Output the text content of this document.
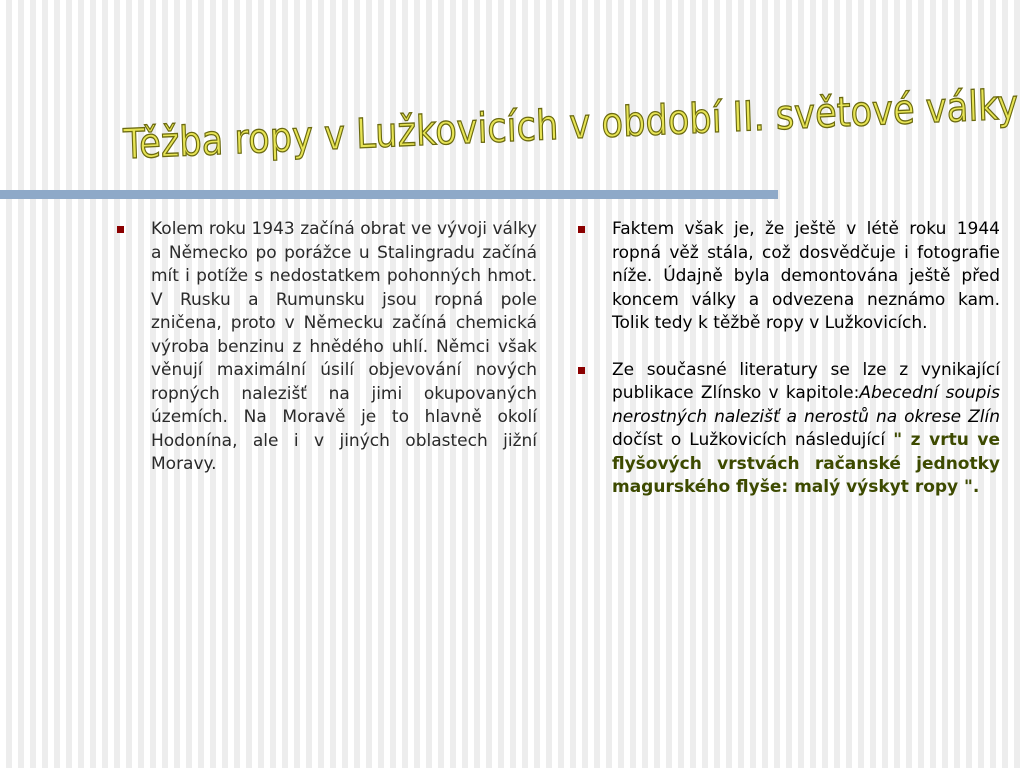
Těžba ropy v Lužkovicích v období II. světové války
Kolem roku 1943 začíná obrat ve vývoji války a Německo po porážce u Stalingradu začíná mít i potíže s nedostatkem pohonných hmot. V Rusku a Rumunsku jsou ropná pole zničena, proto v Německu začíná chemická výroba benzinu z hnědého uhlí. Němci však věnují maximální úsilí objevování nových ropných nalezišť na jimi okupovaných územích. Na Moravě je to hlavně okolí Hodonína, ale i v jiných oblastech jižní Moravy.
Faktem však je, že ještě v létě roku 1944 ropná věž stála, což dosvědčuje i fotografie níže. Údajně byla demontována ještě před koncem války a odvezena neznámo kam. Tolik tedy k těžbě ropy v Lužkovicích.
Ze současné literatury se lze z vynikající publikace Zlínsko v kapitole:Abecední soupis nerostných nalezišť a nerostů na okrese Zlín dočíst o Lužkovicích následující " z vrtu ve flyšových vrstvách račanské jednotky magurského flyše: malý výskyt ropy ".
